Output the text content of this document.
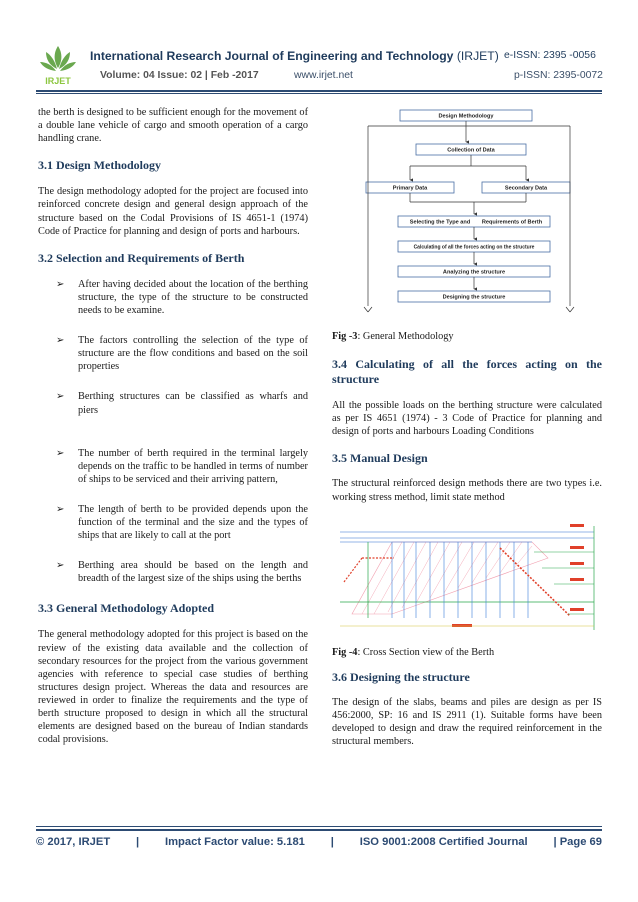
IRJET
International Research Journal of Engineering and Technology (IRJET) e-ISSN: 2395 -0056
Volume: 04 Issue: 02 | Feb -2017	www.irjet.net	p-ISSN: 2395-0072

the berth is designed to be sufficient enough for the movement of a double lane vehicle of cargo and smooth operation of a cargo handling crane.

3.1 Design Methodology

The design methodology adopted for the project are focused into reinforced concrete design and general design approach of the structure based on the Codal Provisions of IS 4651-1 (1974) Code of Practice for planning and design of ports and harbours.

3.2 Selection and Requirements of Berth
➢ After having decided about the location of the berthing structure, the type of the structure to be constructed needs to be examine.
➢ The factors controlling the selection of the type of structure are the flow conditions and based on the soil properties
➢ Berthing structures can be classified as wharfs and piers
➢ The number of berth required in the terminal largely depends on the traffic to be handled in terms of number of ships to be serviced and their arriving pattern,
➢ The length of berth to be provided depends upon the function of the terminal and the size and the types of ships that are likely to call at the port
➢ Berthing area should be based on the length and breadth of the largest size of the ships using the berths
3.3 General Methodology Adopted

The general methodology adopted for this project is based on the review of the existing data available and the collection of secondary resources for the project from the various government agencies with reference to special case studies of berthing structures design project. Whereas the data and resources are reviewed in order to finalize the requirements and the type of berth structure proposed to design in which all the structural elements are designed based on the bureau of Indian standards codal provisions.

Design Methodology
Collection of Data
Primary Data	Secondary Data
Selecting the Type and Requirements of Berth
Calculating of all the forces acting on the structure
Analyzing the structure
Designing the structure

Fig -3: General Methodology

3.4 Calculating of all the forces acting on the structure

All the possible loads on the berthing structure were calculated as per IS 4651 (1974) - 3 Code of Practice for planning and design of ports and harbours Loading Conditions

3.5 Manual Design

The structural reinforced design methods there are two types i.e. working stress method, limit state method

Fig -4: Cross Section view of the Berth

3.6 Designing the structure

The design of the slabs, beams and piles are design as per IS 456:2000, SP: 16 and IS 2911 (1). Suitable forms have been developed to design and draw the required reinforcement in the structural members.

© 2017, IRJET | Impact Factor value: 5.181 | ISO 9001:2008 Certified Journal | Page 69
